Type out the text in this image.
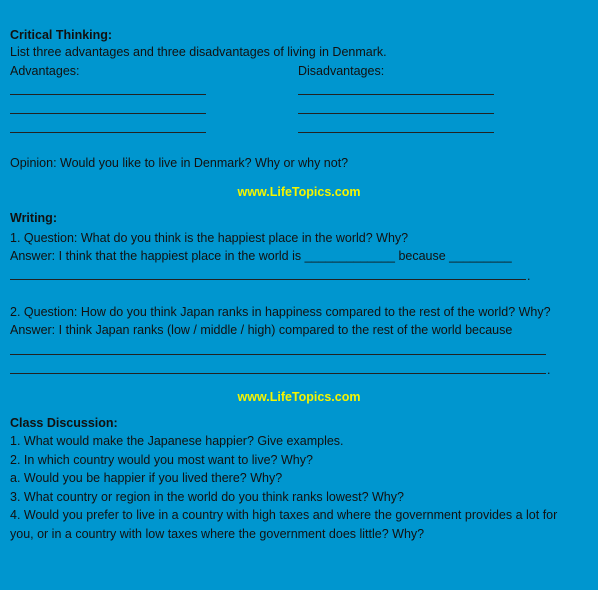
Critical Thinking:
List three advantages and three disadvantages of living in Denmark.
Advantages:	Disadvantages:
Opinion: Would you like to live in Denmark? Why or why not?
www.LifeTopics.com
Writing:
1. Question: What do you think is the happiest place in the world? Why?
Answer: I think that the happiest place in the world is _____________ because _________
.
2. Question: How do you think Japan ranks in happiness compared to the rest of the world? Why?
Answer: I think Japan ranks (low / middle / high) compared to the rest of the world because
.
www.LifeTopics.com
Class Discussion:
1. What would make the Japanese happier? Give examples.
2. In which country would you most want to live? Why?
a. Would you be happier if you lived there? Why?
3. What country or region in the world do you think ranks lowest? Why?
4. Would you prefer to live in a country with high taxes and where the government provides a lot for
you, or in a country with low taxes where the government does little? Why?
